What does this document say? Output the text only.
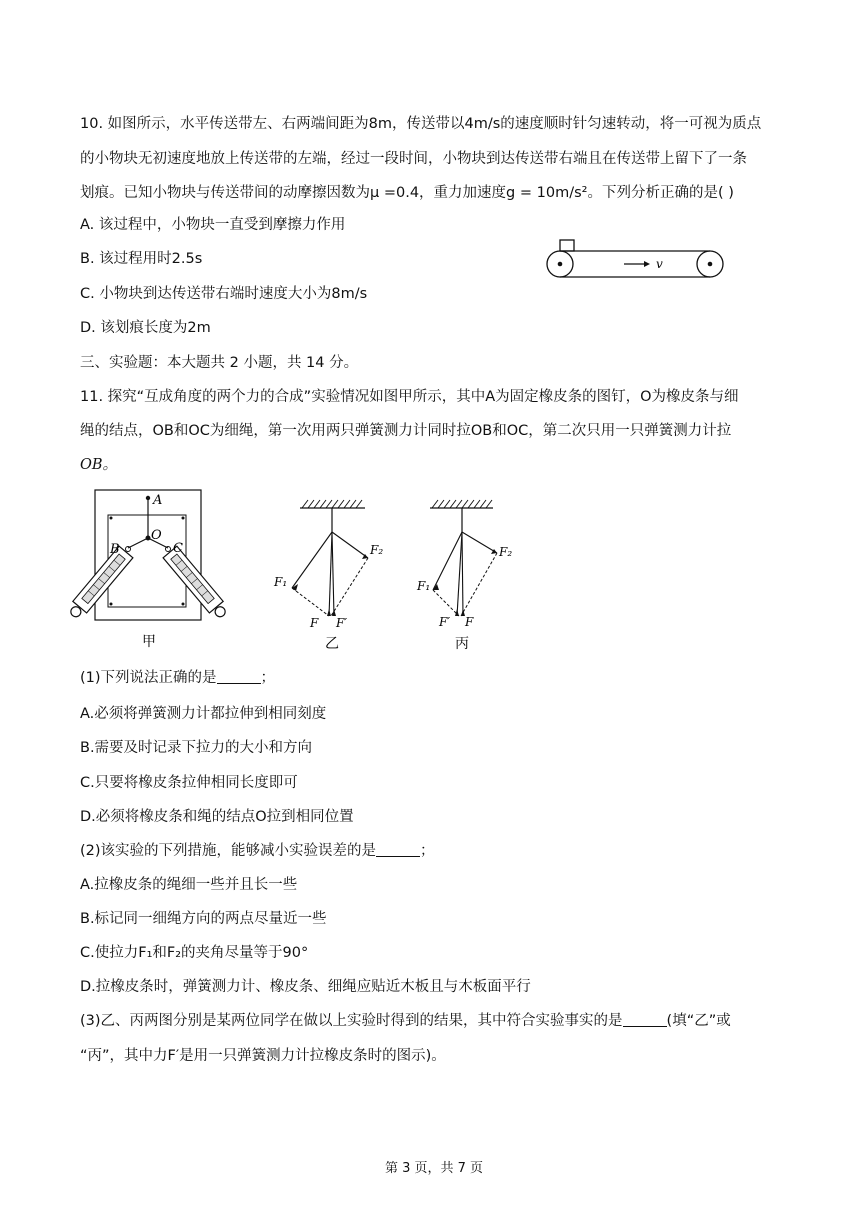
10. 如图所示，水平传送带左、右两端间距为8m，传送带以4m/s的速度顺时针匀速转动，将一可视为质点
的小物块无初速度地放上传送带的左端，经过一段时间，小物块到达传送带右端且在传送带上留下了一条
划痕。已知小物块与传送带间的动摩擦因数为μ =0.4，重力加速度g = 10m/s²。下列分析正确的是( )
A. 该过程中，小物块一直受到摩擦力作用
B. 该过程用时2.5s
C. 小物块到达传送带右端时速度大小为8m/s
D. 该划痕长度为2m
v
三、实验题：本大题共 2 小题，共 14 分。
11. 探究“互成角度的两个力的合成”实验情况如图甲所示，其中A为固定橡皮条的图钉，O为橡皮条与细
绳的结点，OB和OC为细绳，第一次用两只弹簧测力计同时拉OB和OC，第二次只用一只弹簧测力计拉
OB。
A
O
B	C
甲
F₁
F₂
F F′
乙
F₁
F₂
F′ F
丙
(1)下列说法正确的是	；
A.必须将弹簧测力计都拉伸到相同刻度
B.需要及时记录下拉力的大小和方向
C.只要将橡皮条拉伸相同长度即可
D.必须将橡皮条和绳的结点O拉到相同位置
(2)该实验的下列措施，能够减小实验误差的是	；
A.拉橡皮条的绳细一些并且长一些
B.标记同一细绳方向的两点尽量近一些
C.使拉力F₁和F₂的夹角尽量等于90°
D.拉橡皮条时，弹簧测力计、橡皮条、细绳应贴近木板且与木板面平行
(3)乙、丙两图分别是某两位同学在做以上实验时得到的结果，其中符合实验事实的是	(填“乙”或
“丙”，其中力F′是用一只弹簧测力计拉橡皮条时的图示)。
第 3 页，共 7 页
